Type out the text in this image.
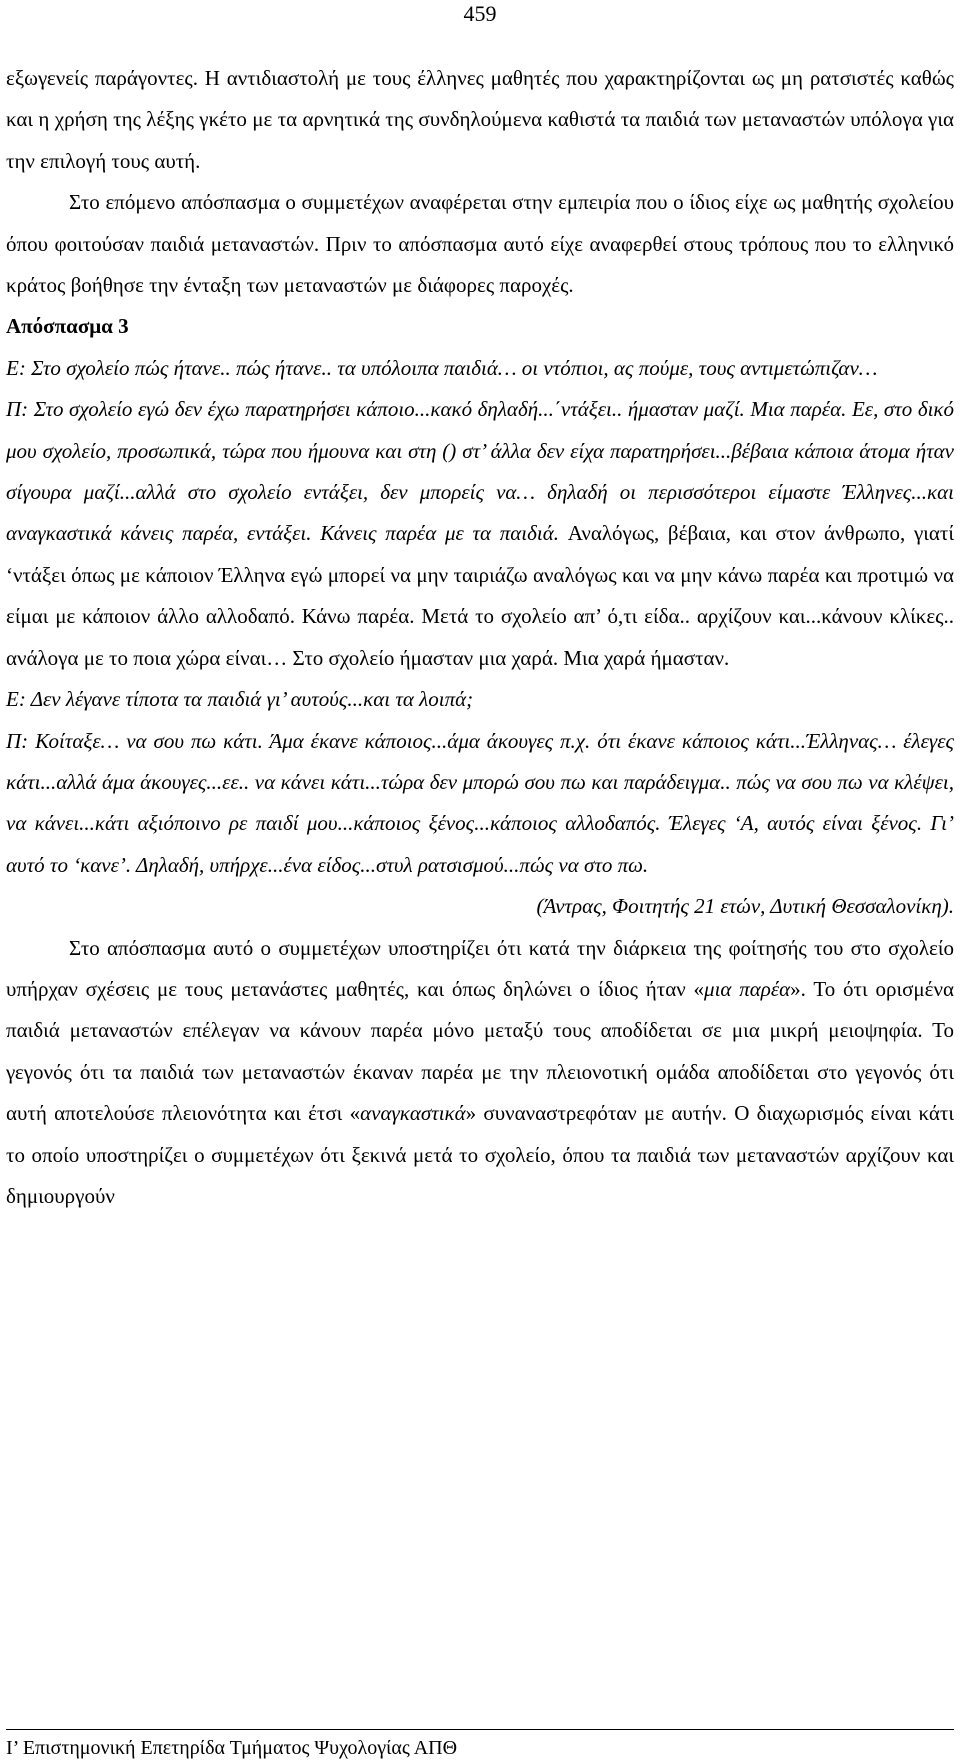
459

εξωγενείς παράγοντες. Η αντιδιαστολή με τους έλληνες μαθητές που χαρακτηρίζονται ως μη ρατσιστές καθώς και η χρήση της λέξης γκέτο με τα αρνητικά της συνδηλούμενα καθιστά τα παιδιά των μεταναστών υπόλογα για την επιλογή τους αυτή.

Στο επόμενο απόσπασμα ο συμμετέχων αναφέρεται στην εμπειρία που ο ίδιος είχε ως μαθητής σχολείου όπου φοιτούσαν παιδιά μεταναστών. Πριν το απόσπασμα αυτό είχε αναφερθεί στους τρόπους που το ελληνικό κράτος βοήθησε την ένταξη των μεταναστών με διάφορες παροχές.

Απόσπασμα 3

Ε: Στο σχολείο πώς ήτανε.. πώς ήτανε.. τα υπόλοιπα παιδιά… οι ντόπιοι, ας πούμε, τους αντιμετώπιζαν…

Π: Στο σχολείο εγώ δεν έχω παρατηρήσει κάποιο...κακό δηλαδή...΄ντάξει.. ήμασταν μαζί. Μια παρέα. Εε, στο δικό μου σχολείο, προσωπικά, τώρα που ήμουνα και στη () στ’ άλλα δεν είχα παρατηρήσει...βέβαια κάποια άτομα ήταν σίγουρα μαζί...αλλά στο σχολείο εντάξει, δεν μπορείς να… δηλαδή οι περισσότεροι είμαστε Έλληνες...και αναγκαστικά κάνεις παρέα, εντάξει. Κάνεις παρέα με τα παιδιά. Αναλόγως, βέβαια, και στον άνθρωπο, γιατί ‘ντάξει όπως με κάποιον Έλληνα εγώ μπορεί να μην ταιριάζω αναλόγως και να μην κάνω παρέα και προτιμώ να είμαι με κάποιον άλλο αλλοδαπό. Κάνω παρέα. Μετά το σχολείο απ’ ό,τι είδα.. αρχίζουν και...κάνουν κλίκες.. ανάλογα με το ποια χώρα είναι… Στο σχολείο ήμασταν μια χαρά. Μια χαρά ήμασταν.

Ε: Δεν λέγανε τίποτα τα παιδιά γι’ αυτούς...και τα λοιπά;

Π: Κοίταξε… να σου πω κάτι. Άμα έκανε κάποιος...άμα άκουγες π.χ. ότι έκανε κάποιος κάτι...Έλληνας… έλεγες κάτι...αλλά άμα άκουγες...εε.. να κάνει κάτι...τώρα δεν μπορώ σου πω και παράδειγμα.. πώς να σου πω να κλέψει, να κάνει...κάτι αξιόποινο ρε παιδί μου...κάποιος ξένος...κάποιος αλλοδαπός. Έλεγες ‘Α, αυτός είναι ξένος. Γι’ αυτό το ‘κανε’. Δηλαδή, υπήρχε...ένα είδος...στυλ ρατσισμού...πώς να στο πω.

(Άντρας, Φοιτητής 21 ετών, Δυτική Θεσσαλονίκη).

Στο απόσπασμα αυτό ο συμμετέχων υποστηρίζει ότι κατά την διάρκεια της φοίτησής του στο σχολείο υπήρχαν σχέσεις με τους μετανάστες μαθητές, και όπως δηλώνει ο ίδιος ήταν «μια παρέα». Το ότι ορισμένα παιδιά μεταναστών επέλεγαν να κάνουν παρέα μόνο μεταξύ τους αποδίδεται σε μια μικρή μειοψηφία. Το γεγονός ότι τα παιδιά των μεταναστών έκαναν παρέα με την πλειονοτική ομάδα αποδίδεται στο γεγονός ότι αυτή αποτελούσε πλειονότητα και έτσι «αναγκαστικά» συναναστρεφόταν με αυτήν. Ο διαχωρισμός είναι κάτι το οποίο υποστηρίζει ο συμμετέχων ότι ξεκινά μετά το σχολείο, όπου τα παιδιά των μεταναστών αρχίζουν και δημιουργούν

Ι’ Επιστημονική Επετηρίδα Τμήματος Ψυχολογίας ΑΠΘ
